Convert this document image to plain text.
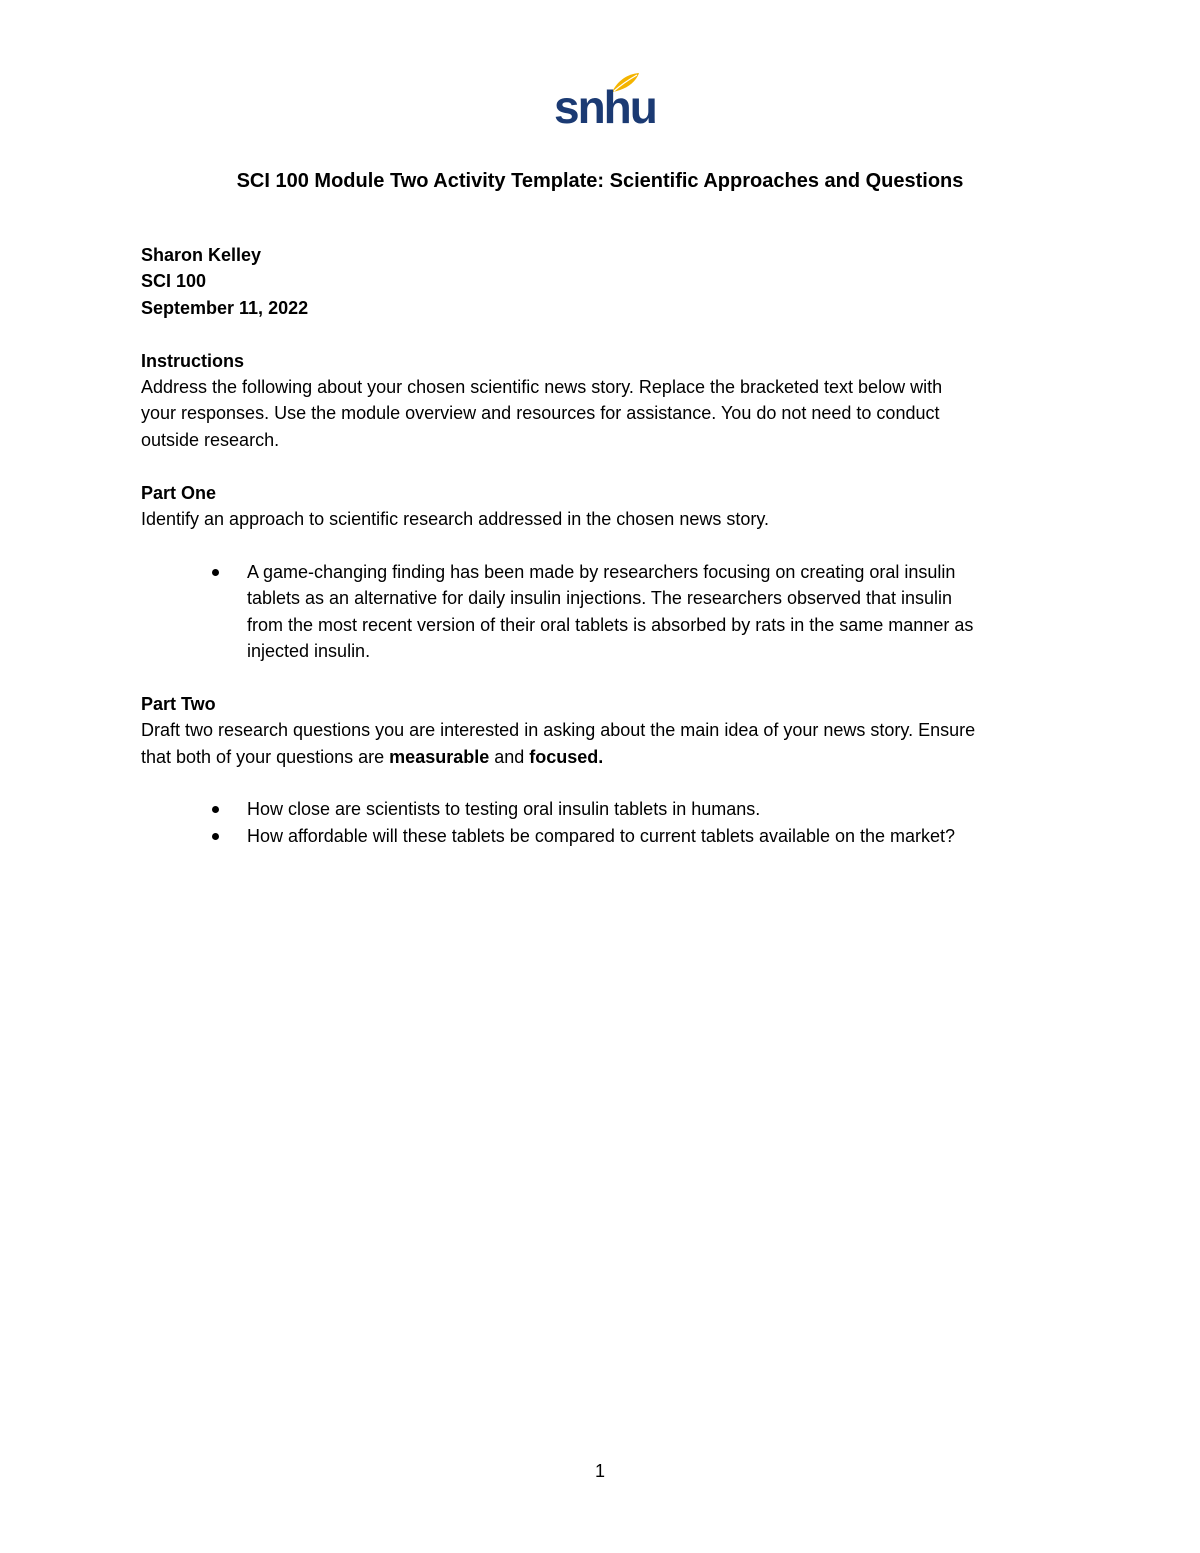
snhu
SCI 100 Module Two Activity Template: Scientific Approaches and Questions
Sharon Kelley
SCI 100
September 11, 2022
Instructions
Address the following about your chosen scientific news story. Replace the bracketed text below with
your responses. Use the module overview and resources for assistance. You do not need to conduct
outside research.
Part One
Identify an approach to scientific research addressed in the chosen news story.
A game-changing finding has been made by researchers focusing on creating oral insulin
tablets as an alternative for daily insulin injections. The researchers observed that insulin
from the most recent version of their oral tablets is absorbed by rats in the same manner as
injected insulin.
Part Two
Draft two research questions you are interested in asking about the main idea of your news story. Ensure
that both of your questions are measurable and focused.
How close are scientists to testing oral insulin tablets in humans.
How affordable will these tablets be compared to current tablets available on the market?
1
